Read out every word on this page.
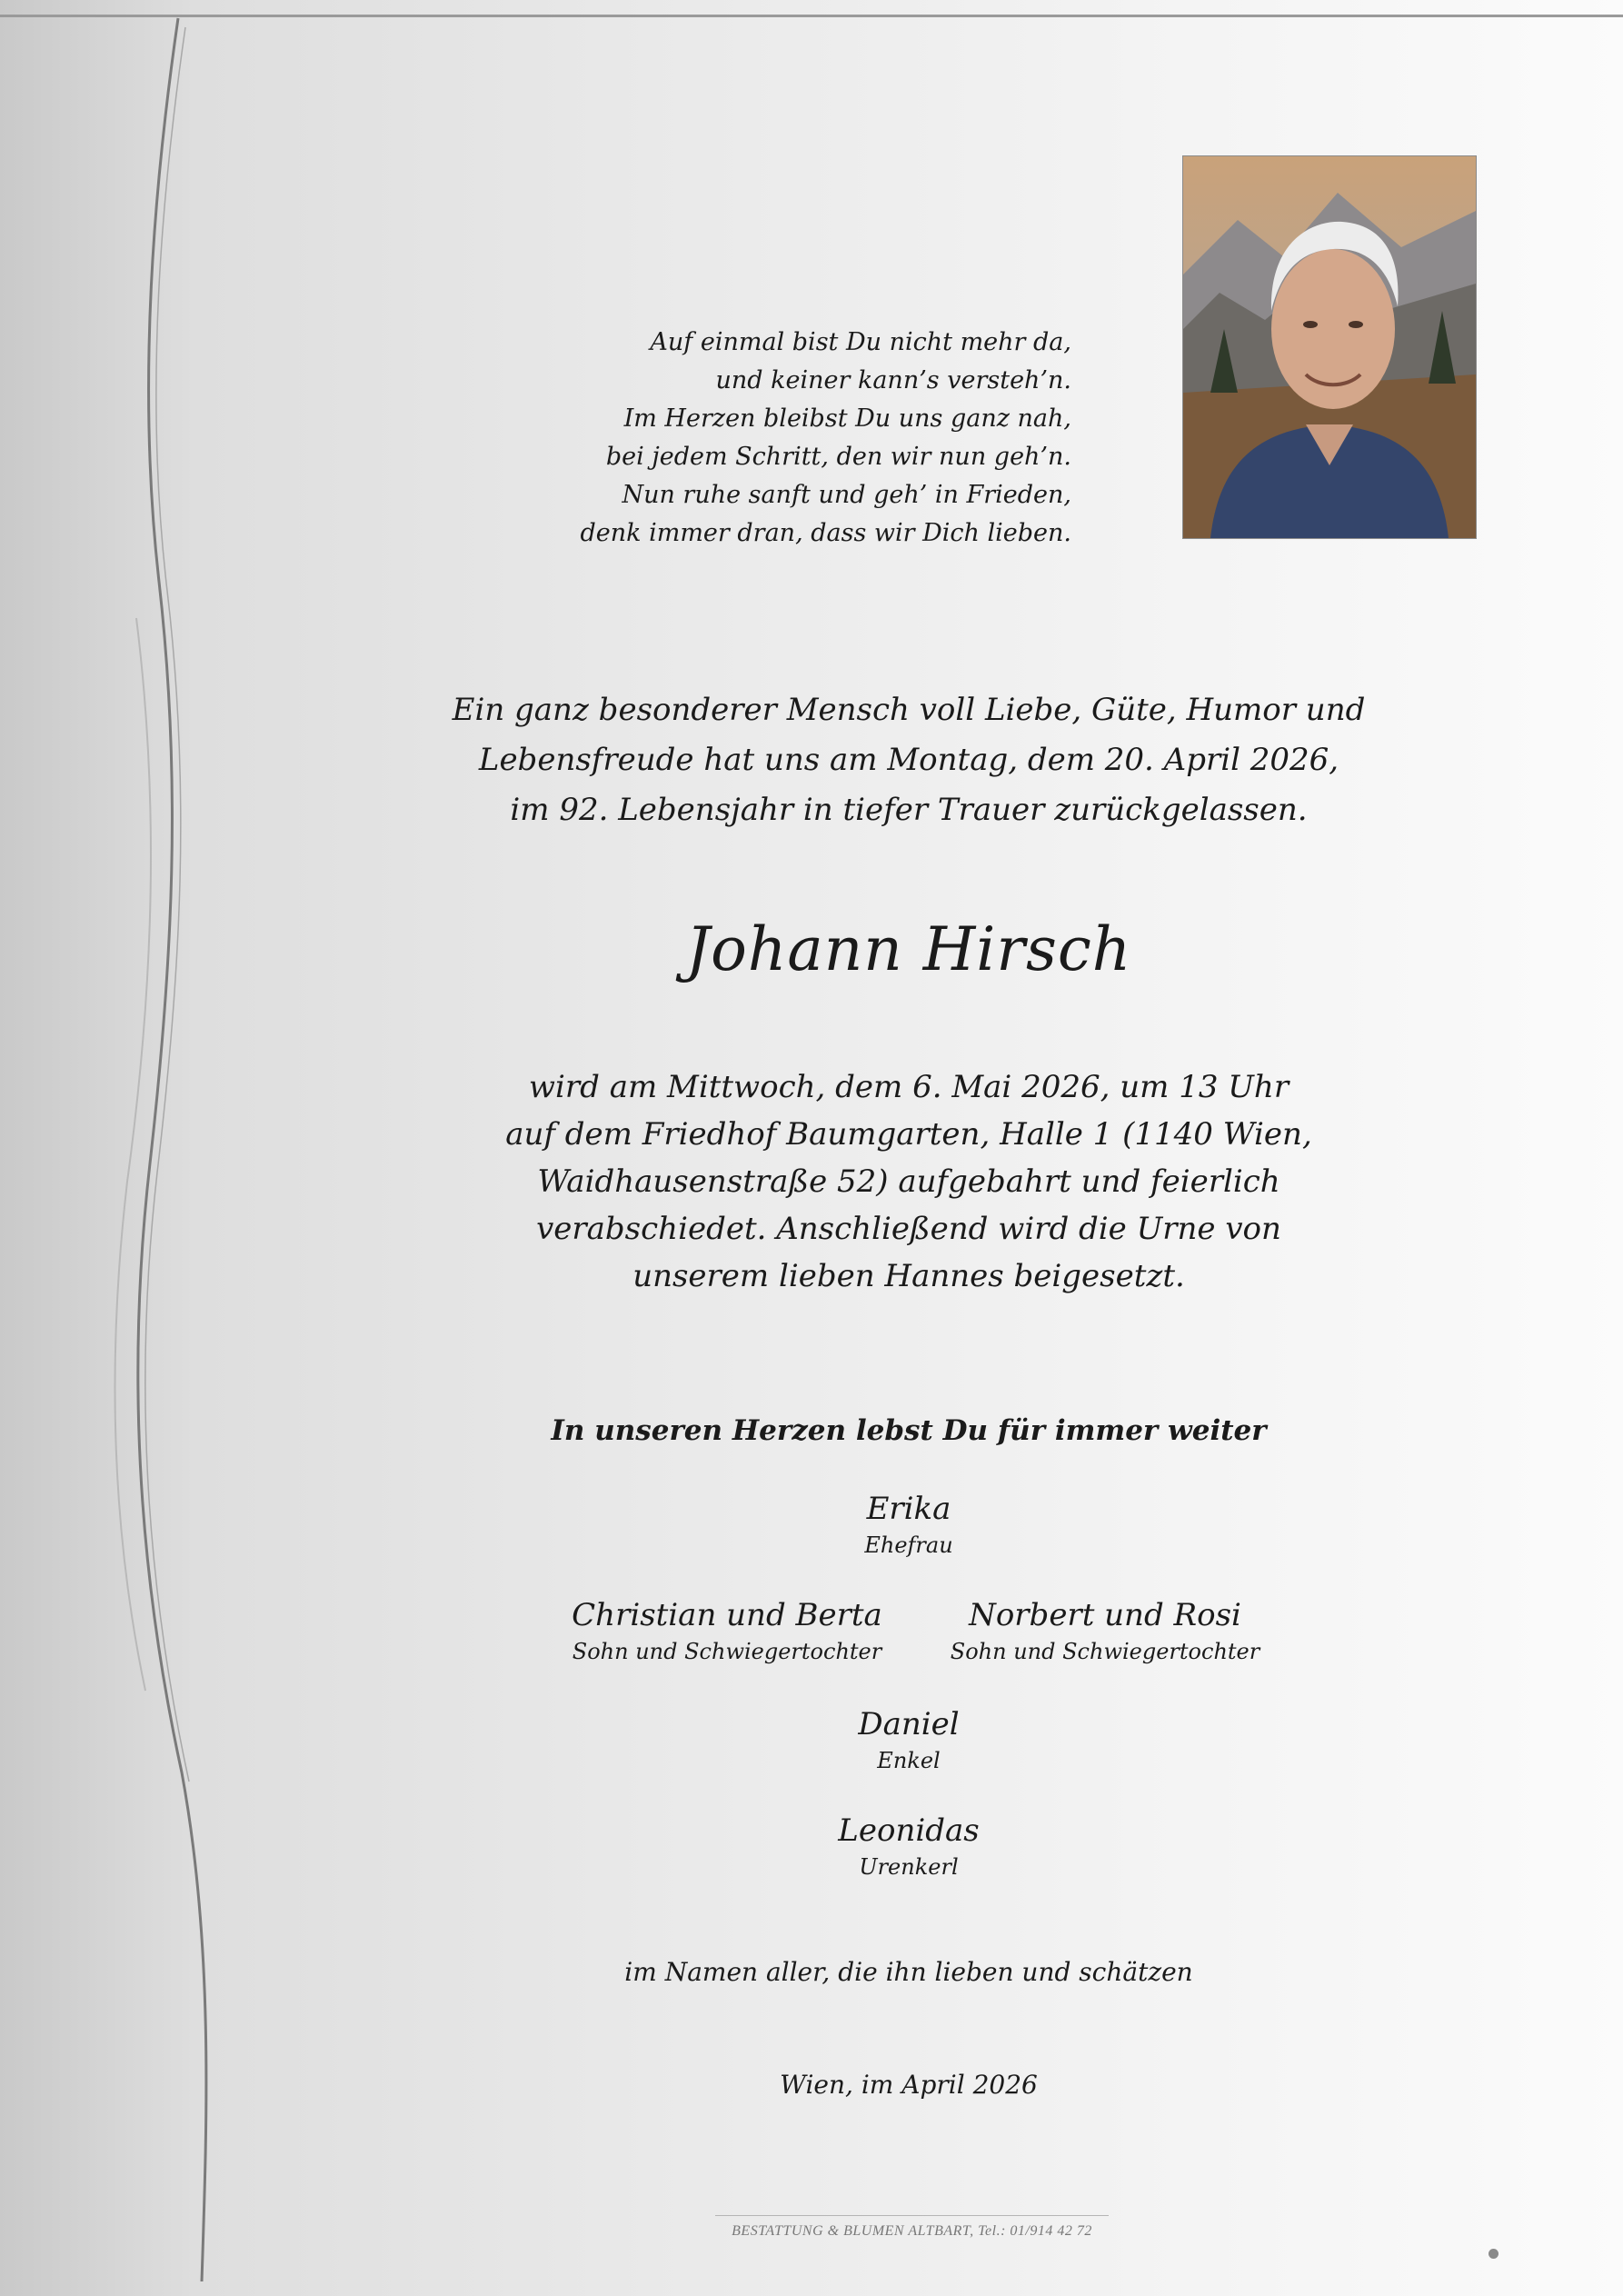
Auf einmal bist Du nicht mehr da,
und keiner kann’s versteh’n.
Im Herzen bleibst Du uns ganz nah,
bei jedem Schritt, den wir nun geh’n.
Nun ruhe sanft und geh’ in Frieden,
denk immer dran, dass wir Dich lieben.
Ein ganz besonderer Mensch voll Liebe, Güte, Humor und
Lebensfreude hat uns am Montag, dem 20. April 2026,
im 92. Lebensjahr in tiefer Trauer zurückgelassen.
Johann Hirsch
wird am Mittwoch, dem 6. Mai 2026, um 13 Uhr
auf dem Friedhof Baumgarten, Halle 1 (1140 Wien,
Waidhausenstraße 52) aufgebahrt und feierlich
verabschiedet. Anschließend wird die Urne von
unserem lieben Hannes beigesetzt.
In unseren Herzen lebst Du für immer weiter
Erika
Ehefrau
Christian und Berta
Sohn und Schwiegertochter
Norbert und Rosi
Sohn und Schwiegertochter
Daniel
Enkel
Leonidas
Urenkerl
im Namen aller, die ihn lieben und schätzen
Wien, im April 2026
BESTATTUNG & BLUMEN ALTBART, Tel.: 01/914 42 72
